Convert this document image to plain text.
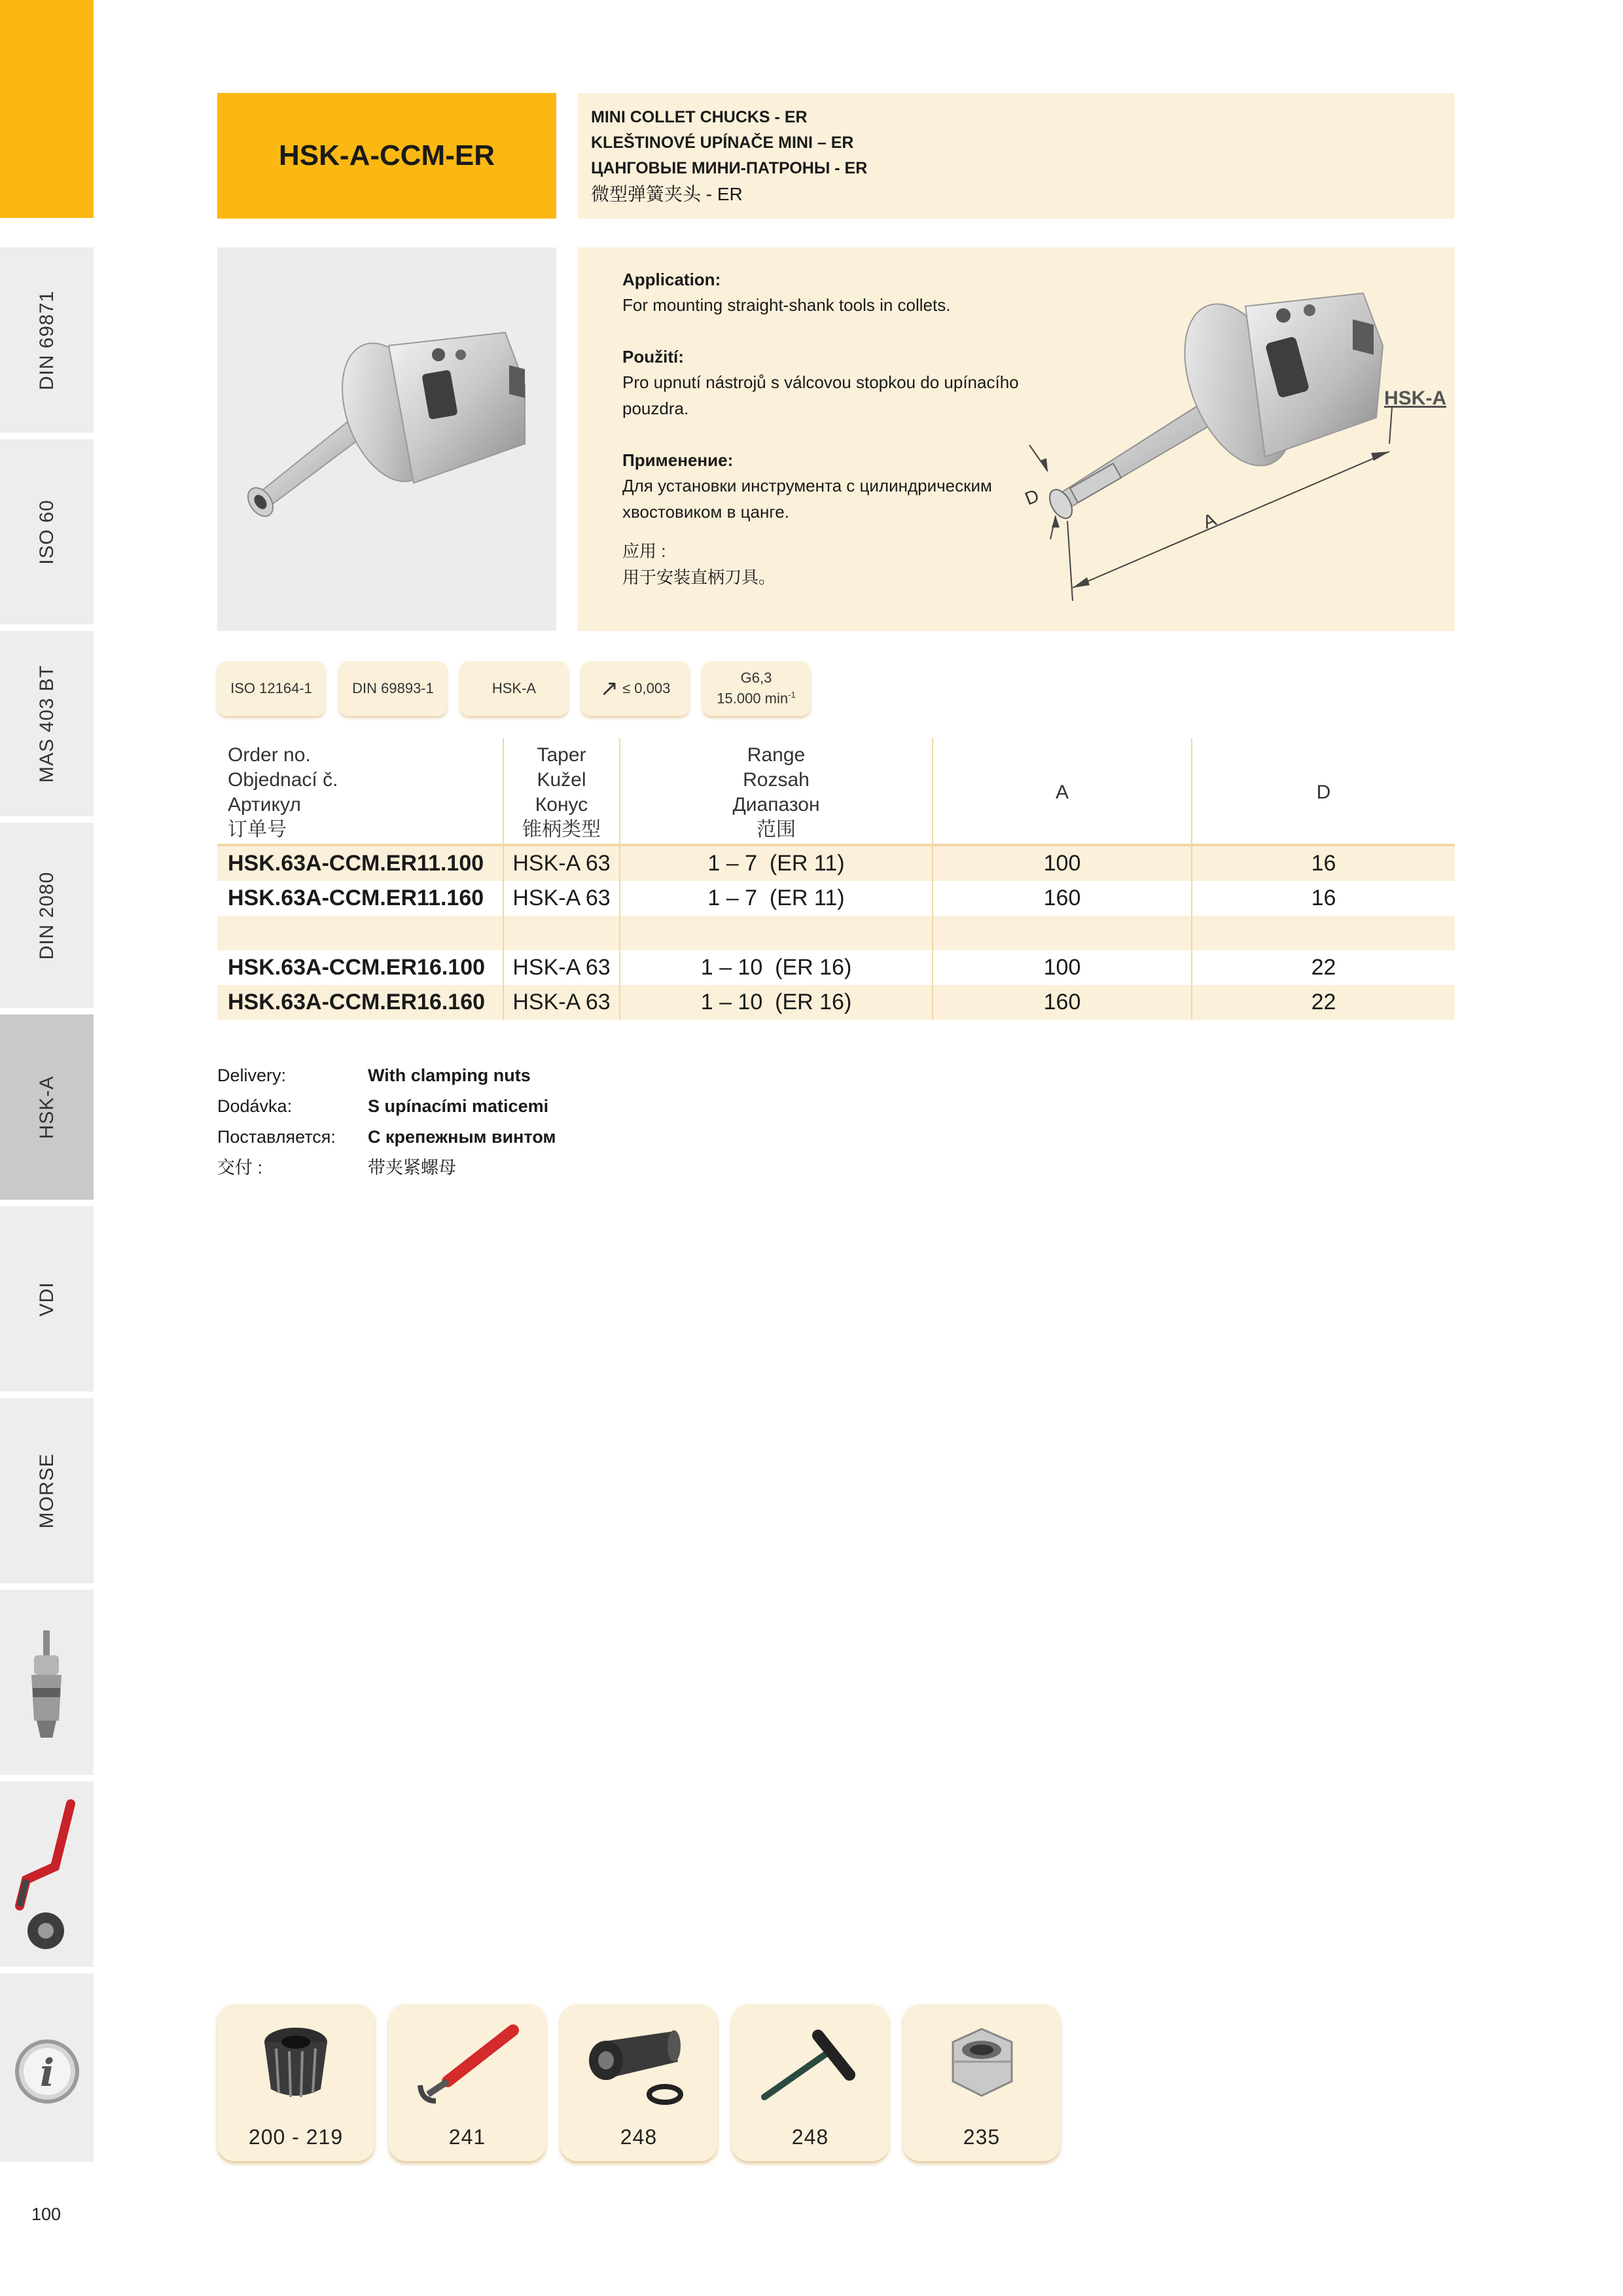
DIN 69871
ISO 60
MAS 403 BT
DIN 2080
HSK-A
VDI
MORSE
i
HSK-A-CCM-ER
MINI COLLET CHUCKS - ER
KLEŠTINOVÉ UPÍNAČE MINI – ER
ЦАНГОВЫЕ МИНИ-ПАТРОНЫ - ER
微型弹簧夹头 - ER
Application:
For mounting straight-shank tools in collets.
Použití:
Pro upnutí nástrojů s válcovou stopkou do upínacího pouzdra.
Применение:
Для установки инструмента с цилиндрическим
хвостовиком в цанге.
应用 :
用于安装直柄刀具。
HSK-A
A
D
ISO 12164-1	DIN 69893-1	HSK-A	↗ ≤ 0,003
G6,3
15.000 $\min^{-1}$
Order no.
Objednací č.
Артикул
订单号
Taper
Kužel
Конус
锥柄类型
Range
Rozsah
Диапазон
范围
A	D
HSK.63A-CCM.ER11.100	HSK-A 63	1 – 7  (ER 11)	100	16
HSK.63A-CCM.ER11.160	HSK-A 63	1 – 7  (ER 11)	160	16
HSK.63A-CCM.ER16.100	HSK-A 63	1 – 10  (ER 16)	100	22
HSK.63A-CCM.ER16.160	HSK-A 63	1 – 10  (ER 16)	160	22
Delivery:	With clamping nuts
Dodávka:	S upínacími maticemi
Поставляется: С крепежным винтом
交付 :	带夹紧螺母
200 - 219	241	248	248	235
100
